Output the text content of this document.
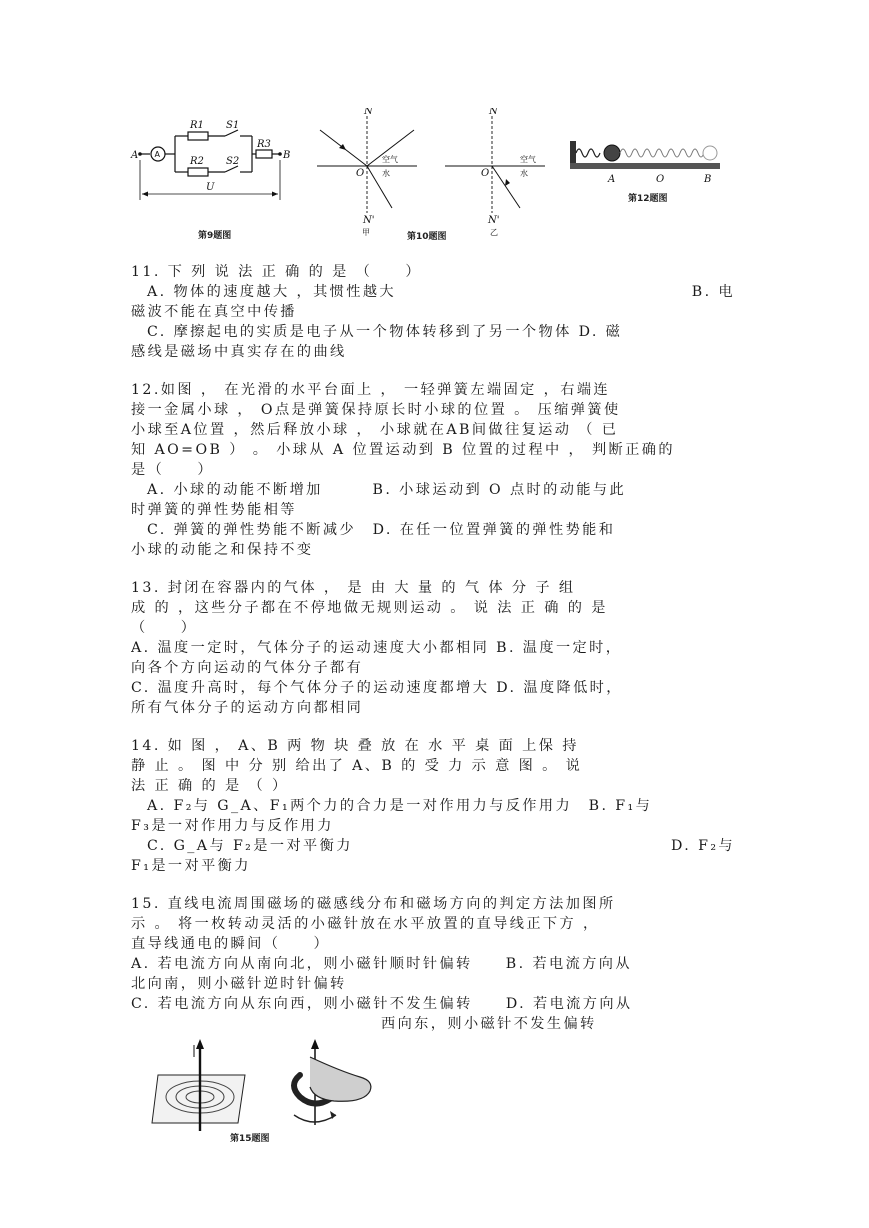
A
A
R1 S1
R2 S2
R3
B
U
第9题图
N
O
N'
空气
水
甲	第10题图
N
O
N'
空气
水
乙
A	O	B
第12题图
11. 下 列 说 法 正 确 的 是 （　　）
A. 物体的速度越大 ，其惯性越大	B. 电
磁波不能在真空中传播
C. 摩擦起电的实质是电子从一个物体转移到了另一个物体 D. 磁
感线是磁场中真实存在的曲线
12.如图 ， 在光滑的水平台面上 ， 一轻弹簧左端固定 ，右端连
接一金属小球 ， O点是弹簧保持原长时小球的位置 。 压缩弹簧使
小球至A位置 ，然后释放小球 ， 小球就在AB间做往复运动 （ 已
知 AO=OB ） 。 小球从 A 位置运动到 B 位置的过程中 ， 判断正确的
是（　　）
A. 小球的动能不断增加　　　B. 小球运动到 O 点时的动能与此
时弹簧的弹性势能相等
C. 弹簧的弹性势能不断减少　D. 在任一位置弹簧的弹性势能和
小球的动能之和保持不变
13. 封闭在容器内的气体 ， 是 由 大 量 的 气 体 分 子 组
成 的 ，这些分子都在不停地做无规则运动 。 说 法 正 确 的 是
（　　）
A. 温度一定时，气体分子的运动速度大小都相同 B. 温度一定时，
向各个方向运动的气体分子都有
C. 温度升高时，每个气体分子的运动速度都增大 D. 温度降低时，
所有气体分子的运动方向都相同
14. 如 图 ， A、B 两 物 块 叠 放 在 水 平 桌 面 上保 持
静 止 。 图 中 分 别 给出了 A、B 的 受 力 示 意 图 。 说
法 正 确 的 是 （ ）
A. F₂与 G_A、F₁两个力的合力是一对作用力与反作用力　B. F₁与
F₃是一对作用力与反作用力
C. G_A与 F₂是一对平衡力	D. F₂与
F₁是一对平衡力
15. 直线电流周围磁场的磁感线分布和磁场方向的判定方法加图所
示 。 将一枚转动灵活的小磁针放在水平放置的直导线正下方 ，
直导线通电的瞬间（　　）
A. 若电流方向从南向北，则小磁针顺时针偏转　　B. 若电流方向从
北向南，则小磁针逆时针偏转
C. 若电流方向从东向西，则小磁针不发生偏转　　D. 若电流方向从
西向东，则小磁针不发生偏转
第15题图
